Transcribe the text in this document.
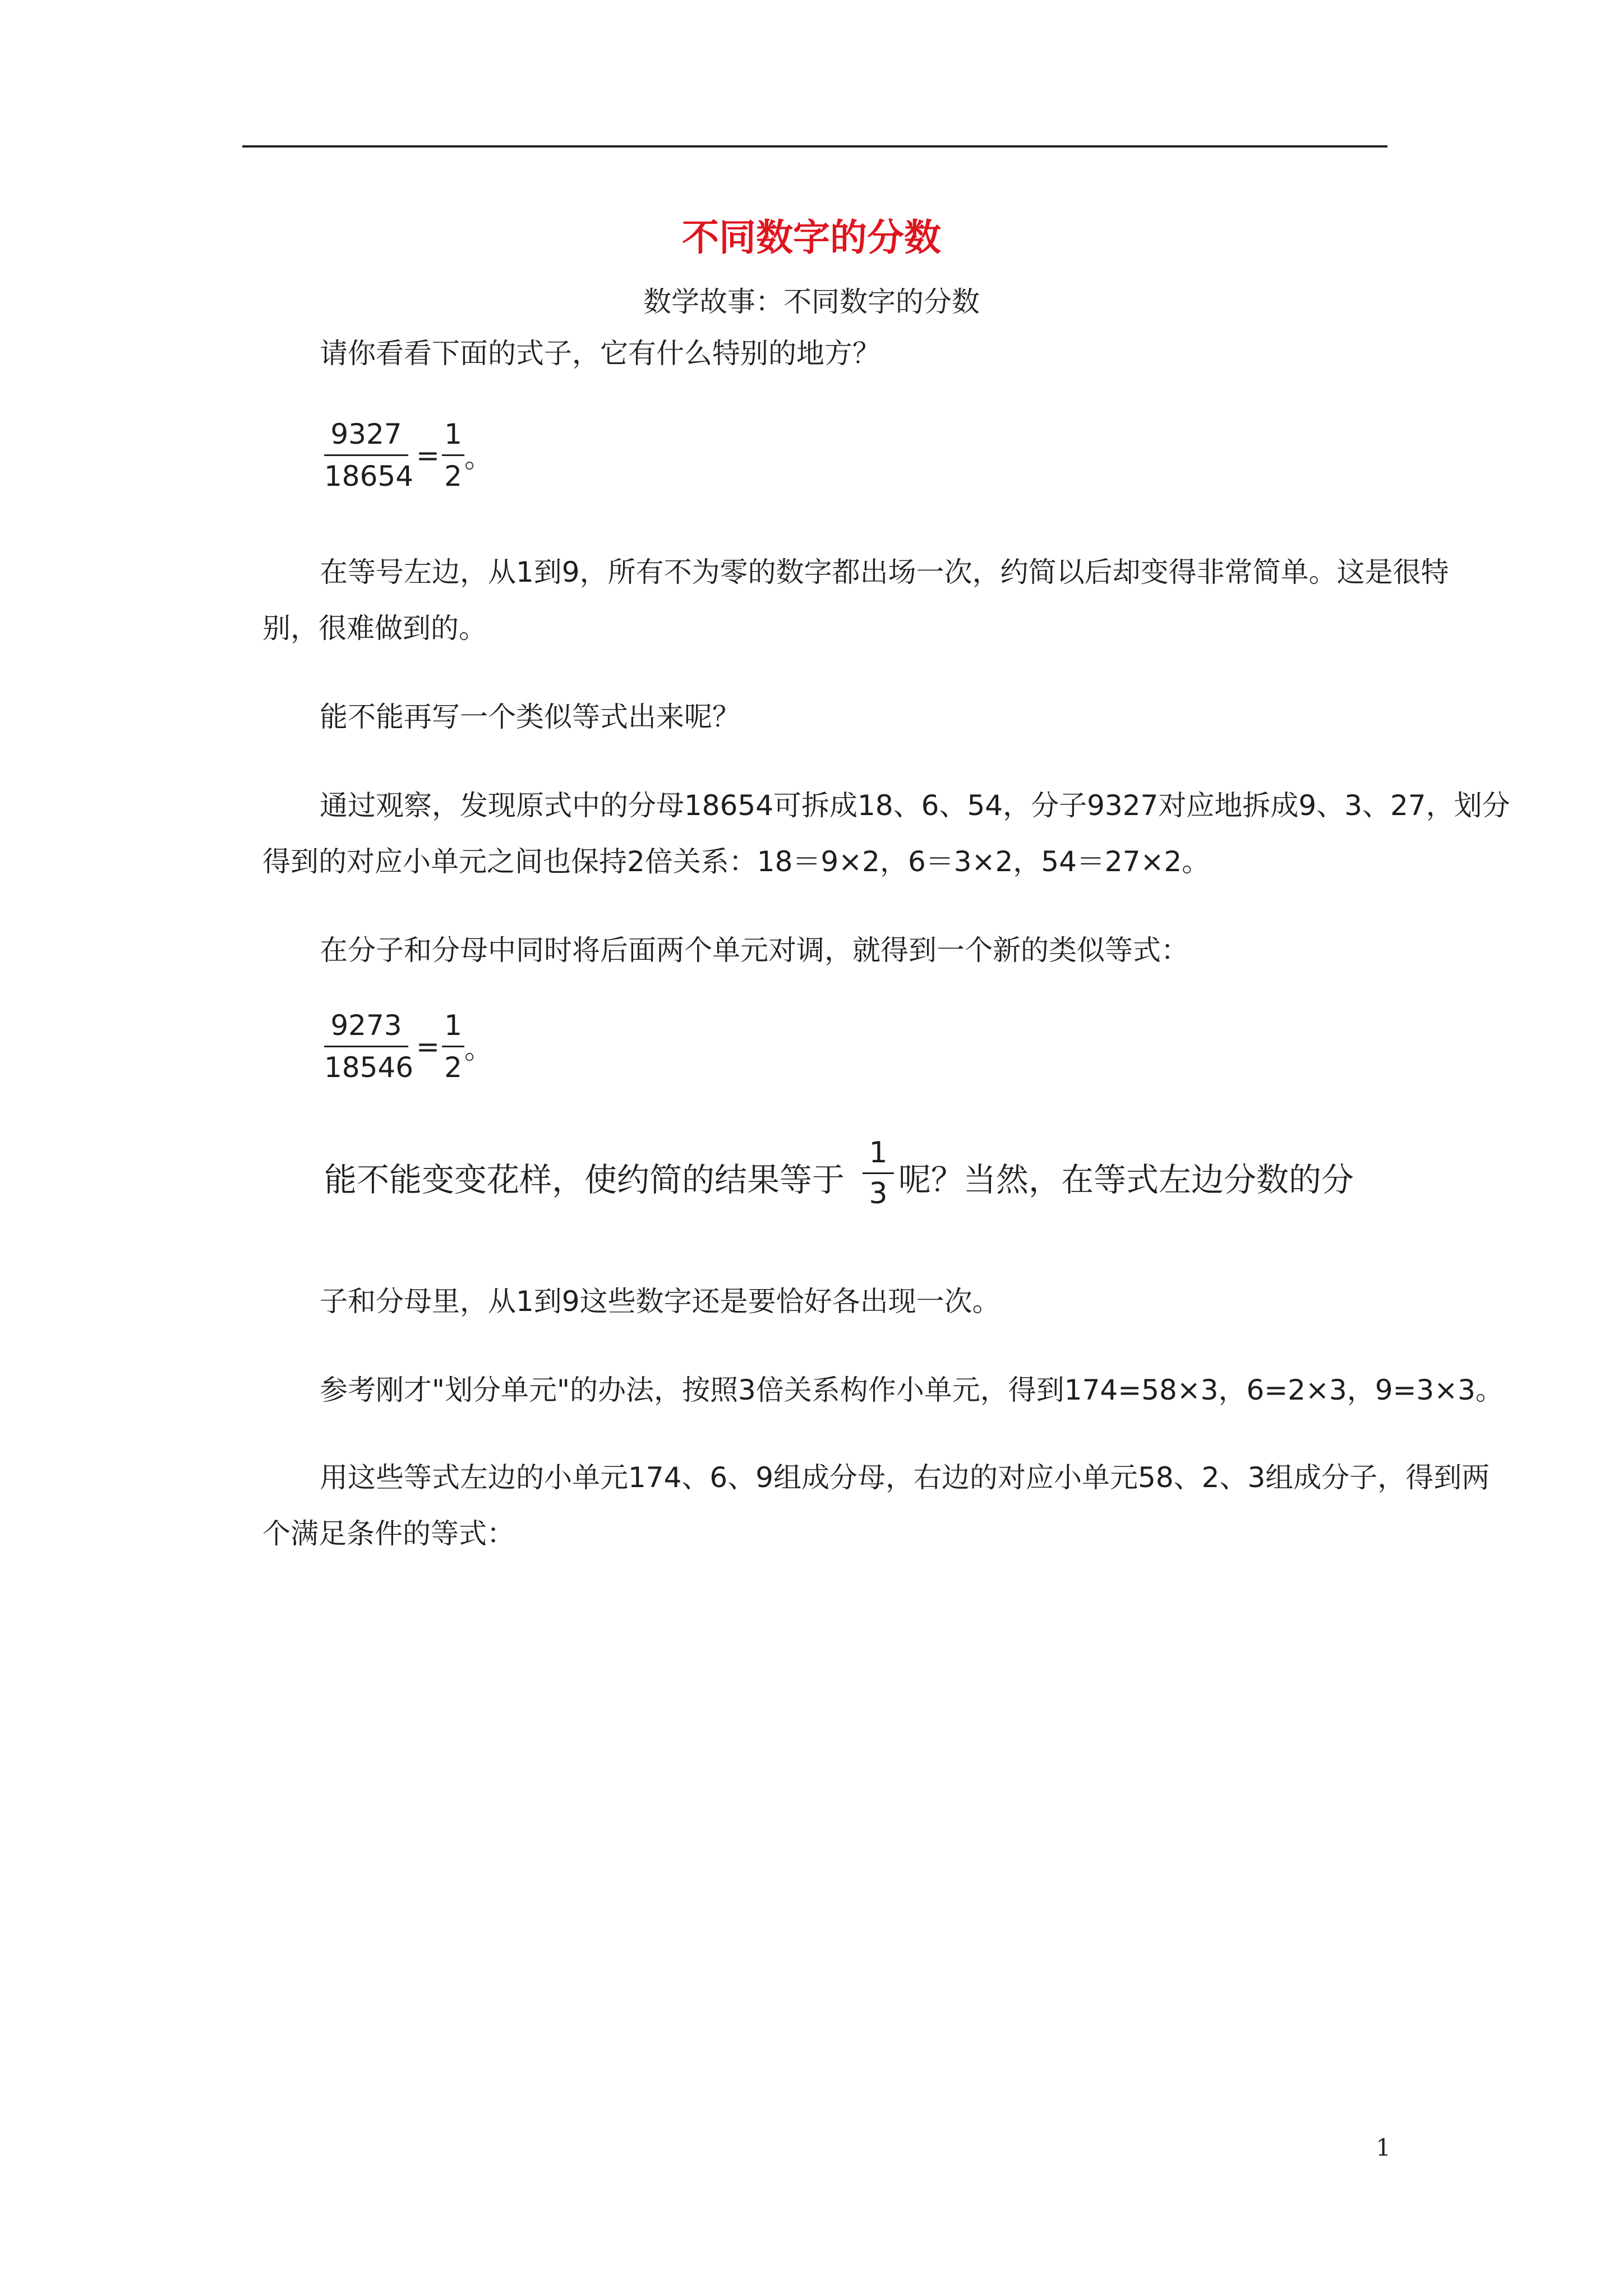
不同数字的分数
数学故事：不同数字的分数
请你看看下面的式子，它有什么特别的地方？
9327
18654
=
1
2
。
在等号左边，从1到9，所有不为零的数字都出场一次，约简以后却变得非常简单。这是很特
别，很难做到的。
能不能再写一个类似等式出来呢？
通过观察，发现原式中的分母18654可拆成18、6、54，分子9327对应地拆成9、3、27，划分
得到的对应小单元之间也保持2倍关系：18＝9×2，6＝3×2，54＝27×2。
在分子和分母中同时将后面两个单元对调，就得到一个新的类似等式：
9273
18546
=
1
2
。
能不能变变花样，使约简的结果等于
1
3 呢？当然，在等式左边分数的分
子和分母里，从1到9这些数字还是要恰好各出现一次。
参考刚才"划分单元"的办法，按照3倍关系构作小单元，得到174=58×3，6=2×3，9=3×3。
用这些等式左边的小单元174、6、9组成分母，右边的对应小单元58、2、3组成分子，得到两
个满足条件的等式：
1
